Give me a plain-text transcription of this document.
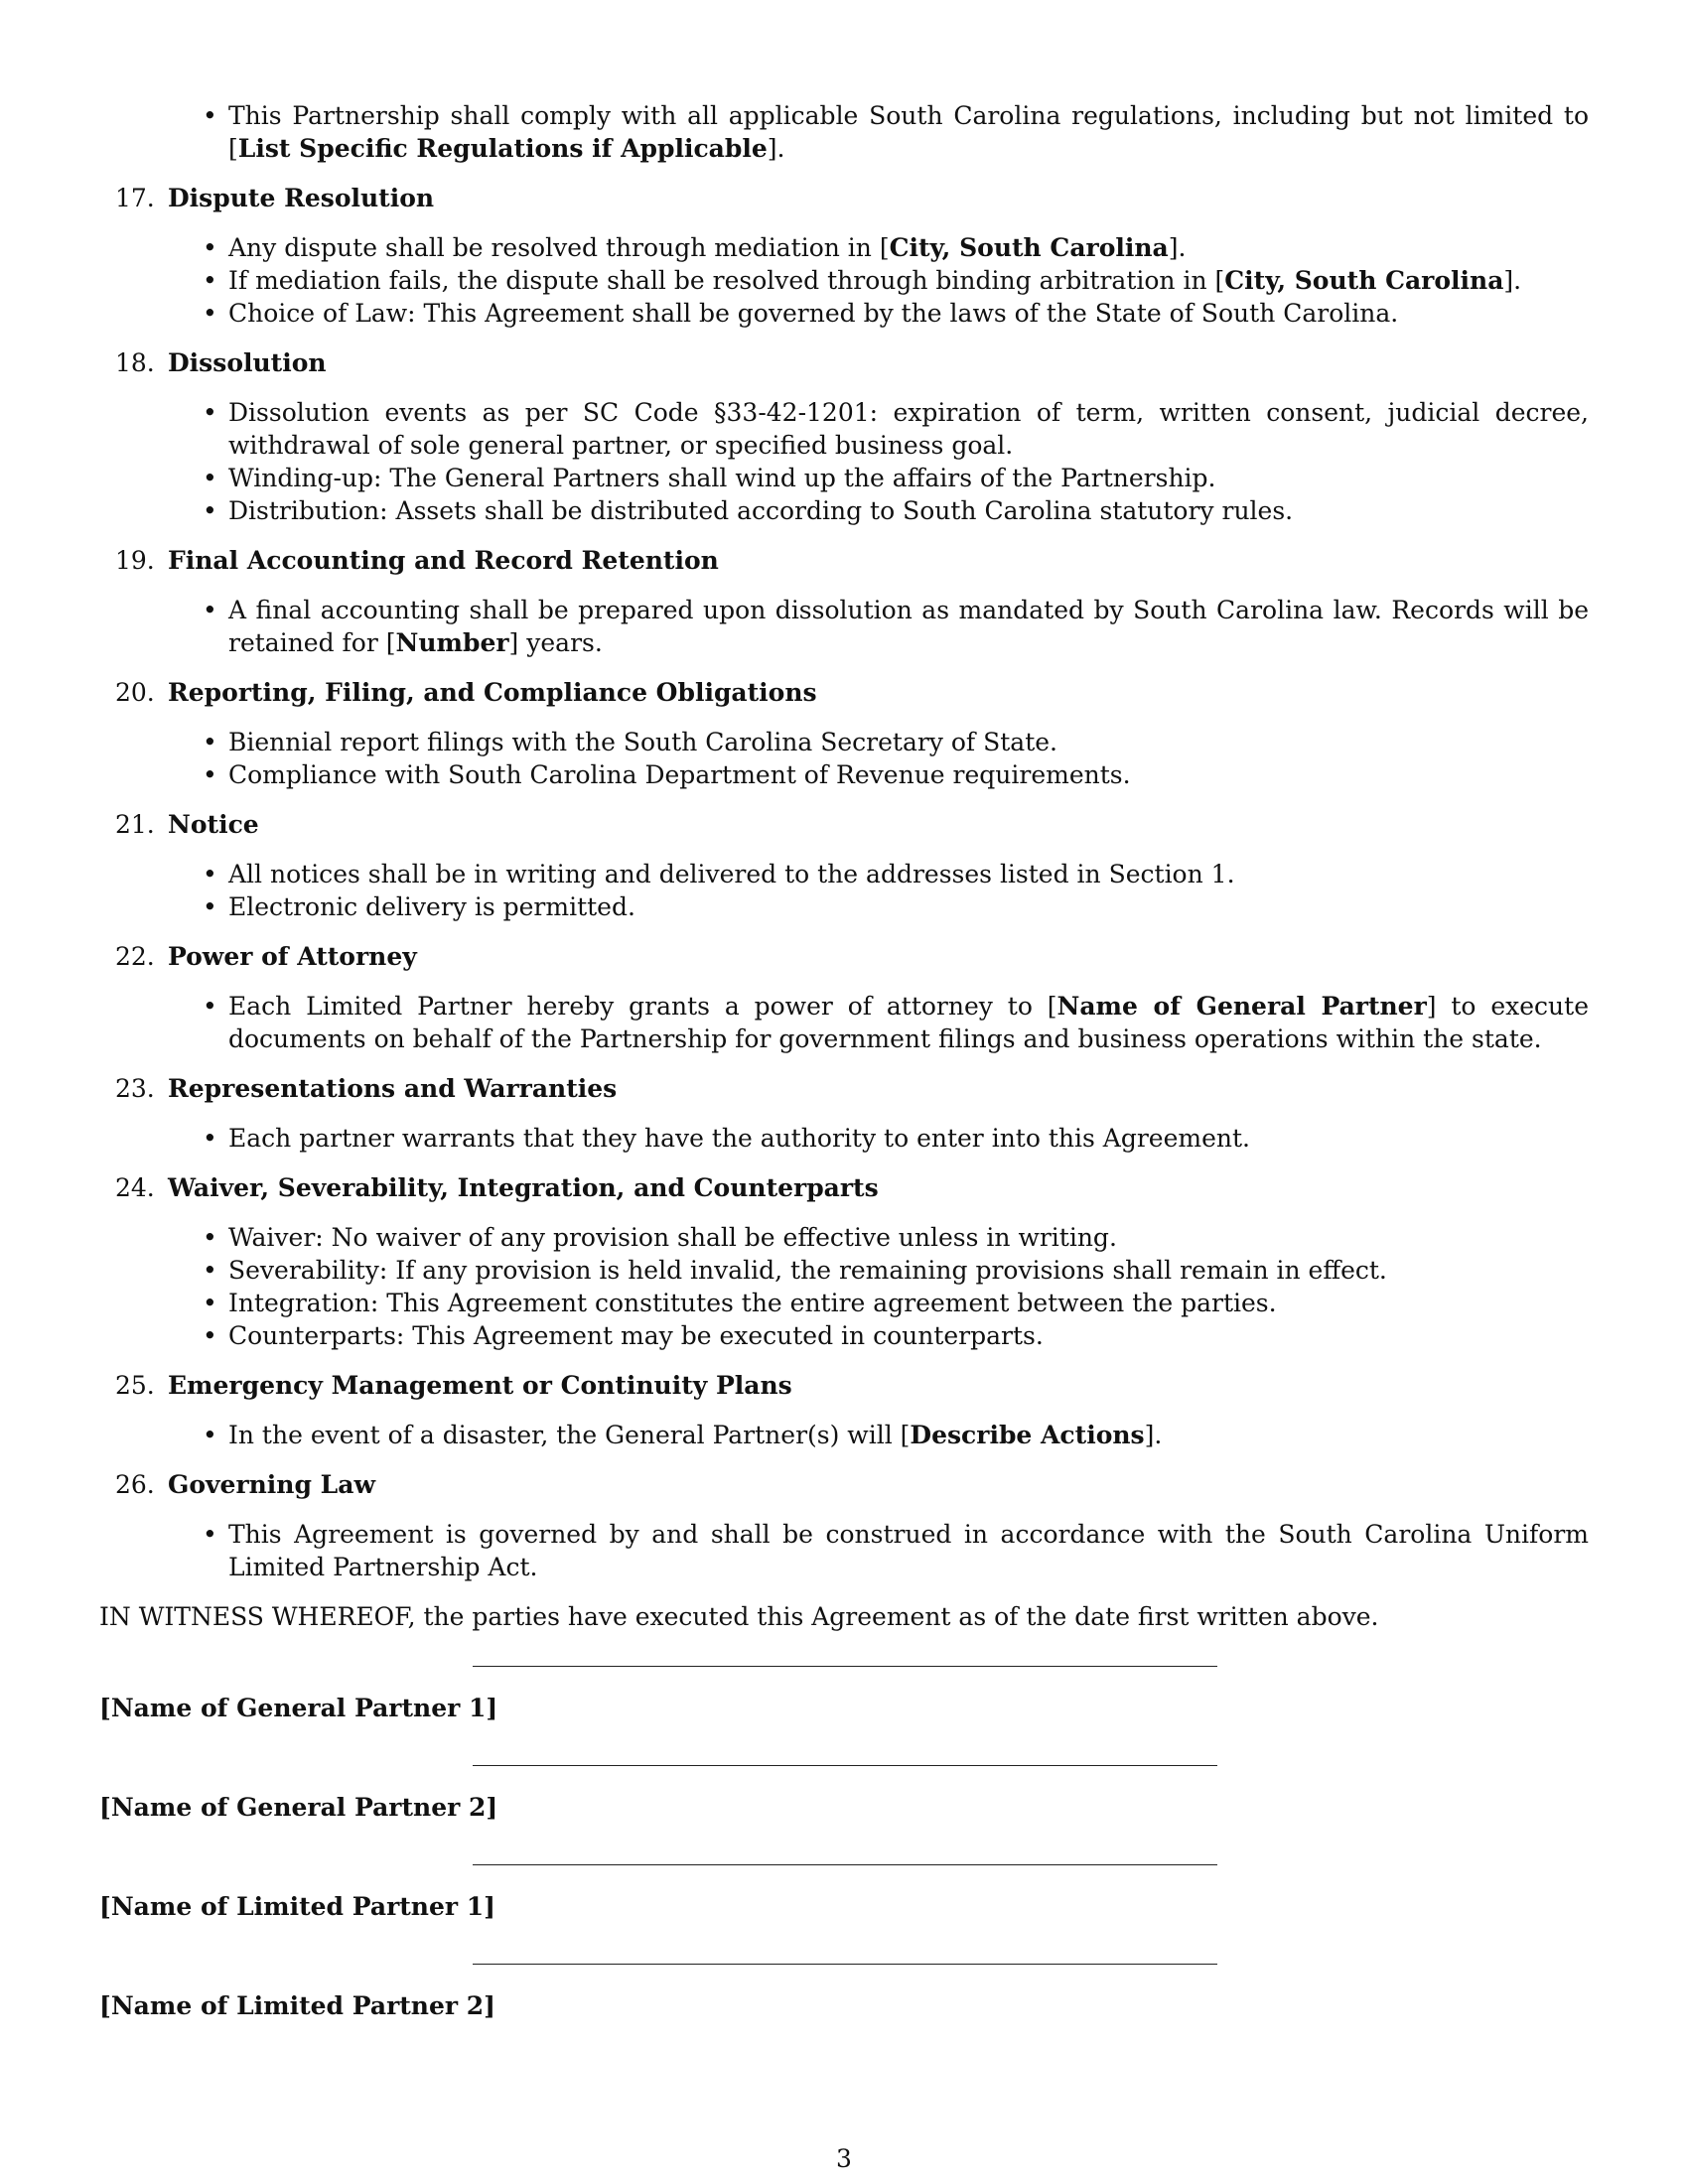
• This Partnership shall comply with all applicable South Carolina regulations, including but not limited to [List Specific Regulations if Applicable].
17. Dispute Resolution
• Any dispute shall be resolved through mediation in [City, South Carolina].
• If mediation fails, the dispute shall be resolved through binding arbitration in [City, South Carolina].
• Choice of Law: This Agreement shall be governed by the laws of the State of South Carolina.
18. Dissolution
• Dissolution events as per SC Code §33-42-1201: expiration of term, written consent, judicial decree, withdrawal of sole general partner, or specified business goal.
• Winding-up: The General Partners shall wind up the affairs of the Partnership.
• Distribution: Assets shall be distributed according to South Carolina statutory rules.
19. Final Accounting and Record Retention
• A final accounting shall be prepared upon dissolution as mandated by South Carolina law. Records will be retained for [Number] years.
20. Reporting, Filing, and Compliance Obligations
• Biennial report filings with the South Carolina Secretary of State.
• Compliance with South Carolina Department of Revenue requirements.
21. Notice
• All notices shall be in writing and delivered to the addresses listed in Section 1.
• Electronic delivery is permitted.
22. Power of Attorney
• Each Limited Partner hereby grants a power of attorney to [Name of General Partner] to execute documents on behalf of the Partnership for government filings and business operations within the state.
23. Representations and Warranties
• Each partner warrants that they have the authority to enter into this Agreement.
24. Waiver, Severability, Integration, and Counterparts
• Waiver: No waiver of any provision shall be effective unless in writing.
• Severability: If any provision is held invalid, the remaining provisions shall remain in effect.
• Integration: This Agreement constitutes the entire agreement between the parties.
• Counterparts: This Agreement may be executed in counterparts.
25. Emergency Management or Continuity Plans
• In the event of a disaster, the General Partner(s) will [Describe Actions].
26. Governing Law
• This Agreement is governed by and shall be construed in accordance with the South Carolina Uniform Limited Partnership Act.
IN WITNESS WHEREOF, the parties have executed this Agreement as of the date first written above.
[Name of General Partner 1]
[Name of General Partner 2]
[Name of Limited Partner 1]
[Name of Limited Partner 2]
3
